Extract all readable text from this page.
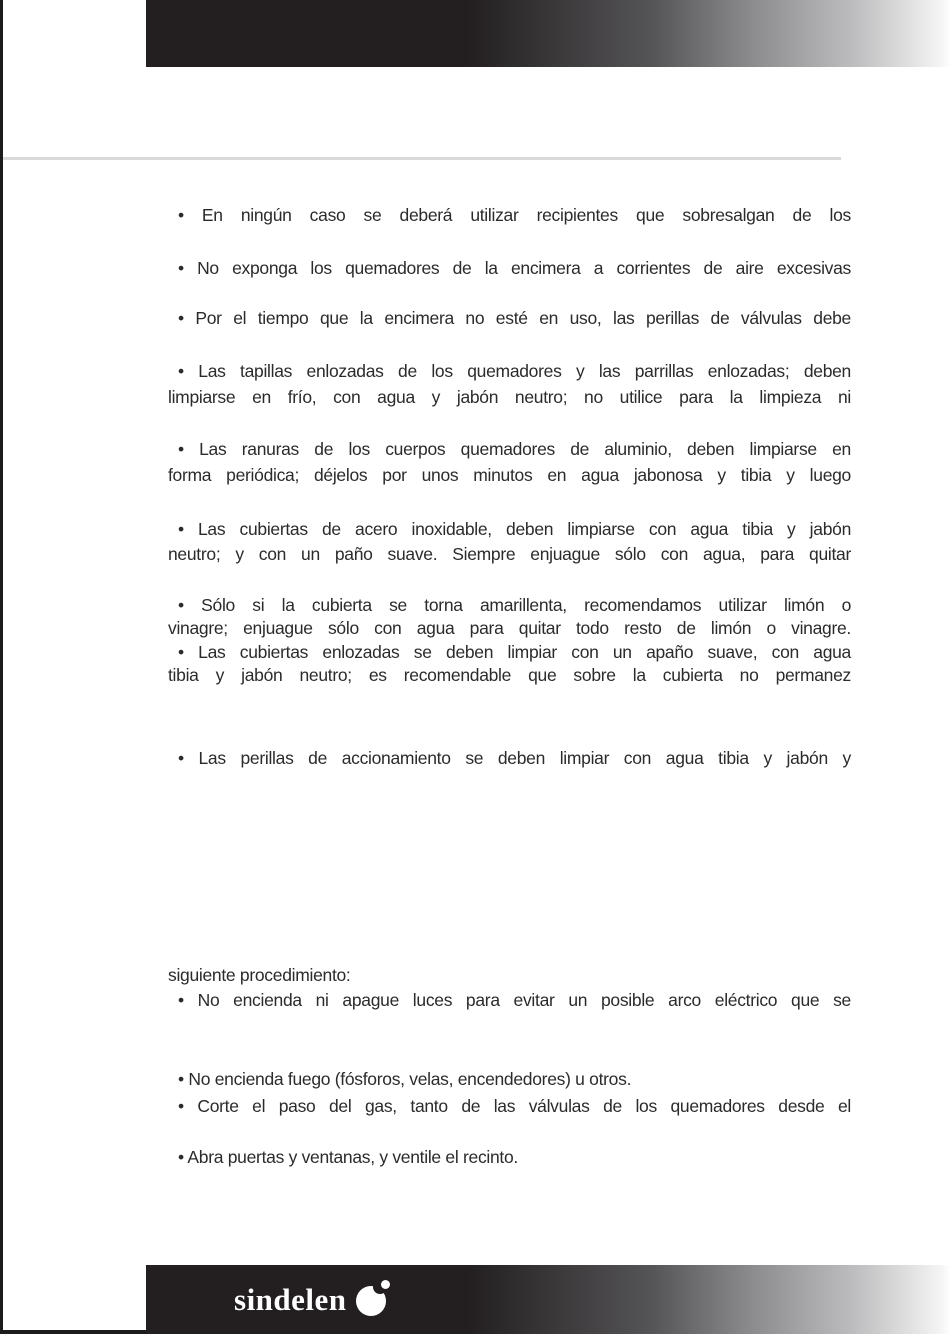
• En ningún caso se deberá utilizar recipientes que sobresalgan de los
• No exponga los quemadores de la encimera a corrientes de aire excesivas
• Por el tiempo que la encimera no esté en uso, las perillas de válvulas debe
• Las tapillas enlozadas de los quemadores y las parrillas enlozadas; deben
limpiarse en frío, con agua y jabón neutro; no utilice para la limpieza ni
• Las ranuras de los cuerpos quemadores de aluminio, deben limpiarse en
forma periódica; déjelos por unos minutos en agua jabonosa y tibia y luego
• Las cubiertas de acero inoxidable, deben limpiarse con agua tibia y jabón
neutro; y con un paño suave. Siempre enjuague sólo con agua, para quitar
• Sólo si la cubierta se torna amarillenta, recomendamos utilizar limón o
vinagre; enjuague sólo con agua para quitar todo resto de limón o vinagre.
• Las cubiertas enlozadas se deben limpiar con un apaño suave, con agua
tibia y jabón neutro; es recomendable que sobre la cubierta no permanez
• Las perillas de accionamiento se deben limpiar con agua tibia y jabón y
siguiente procedimiento:
• No encienda ni apague luces para evitar un posible arco eléctrico que se
• No encienda fuego (fósforos, velas, encendedores) u otros.
• Corte el paso del gas, tanto de las válvulas de los quemadores desde el
• Abra puertas y ventanas, y ventile el recinto.
sindelen
